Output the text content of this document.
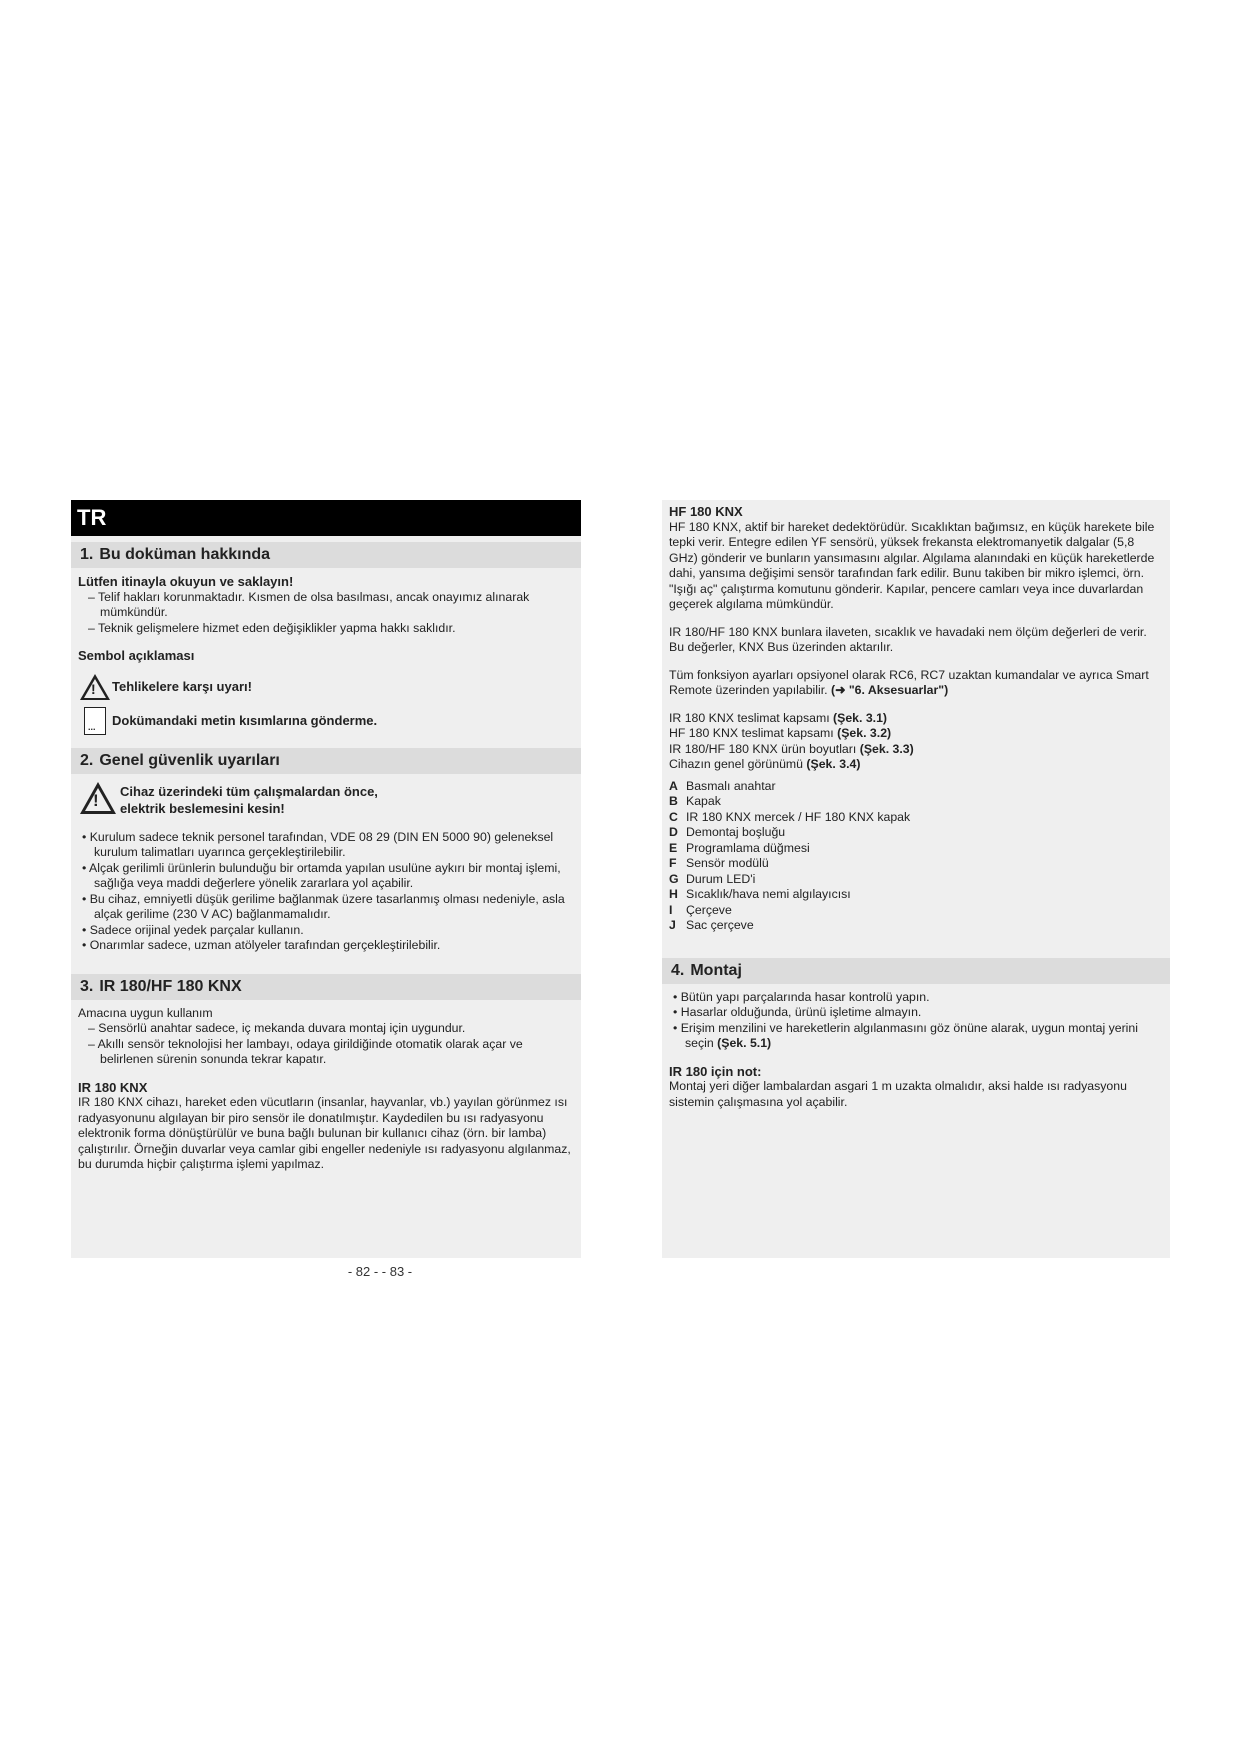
TR
1. Bu doküman hakkında
Lütfen itinayla okuyun ve saklayın!
– Telif hakları korunmaktadır. Kısmen de olsa basılması, ancak onayımız alınarak mümkündür.
– Teknik gelişmelere hizmet eden değişiklikler yapma hakkı saklıdır.
Sembol açıklaması
! Tehlikelere karşı uyarı!
... Dokümandaki metin kısımlarına gönderme.
2. Genel güvenlik uyarıları
! Cihaz üzerindeki tüm çalışmalardan önce,
elektrik beslemesini kesin!
• Kurulum sadece teknik personel tarafından, VDE 08 29 (DIN EN 5000 90) geleneksel kurulum talimatları uyarınca gerçekleştirilebilir.
• Alçak gerilimli ürünlerin bulunduğu bir ortamda yapılan usulüne aykırı bir montaj işlemi, sağlığa veya maddi değerlere yönelik zararlara yol açabilir.
• Bu cihaz, emniyetli düşük gerilime bağlanmak üzere tasarlanmış olması nedeniyle, asla alçak gerilime (230 V AC) bağlanmamalıdır.
• Sadece orijinal yedek parçalar kullanın.
• Onarımlar sadece, uzman atölyeler tarafından gerçekleştirilebilir.
3. IR 180/HF 180 KNX
Amacına uygun kullanım
– Sensörlü anahtar sadece, iç mekanda duvara montaj için uygundur.
– Akıllı sensör teknolojisi her lambayı, odaya girildiğinde otomatik olarak açar ve belirlenen sürenin sonunda tekrar kapatır.
IR 180 KNX
IR 180 KNX cihazı, hareket eden vücutların (insanlar, hayvanlar, vb.) yayılan görünmez ısı radyasyonunu algılayan bir piro sensör ile donatılmıştır. Kaydedilen bu ısı radyasyonu elektronik forma dönüştürülür ve buna bağlı bulunan bir kullanıcı cihaz (örn. bir lamba) çalıştırılır. Örneğin duvarlar veya camlar gibi engeller nedeniyle ısı radyasyonu algılanmaz, bu durumda hiçbir çalıştırma işlemi yapılmaz.
HF 180 KNX
HF 180 KNX, aktif bir hareket dedektörüdür. Sıcaklıktan bağımsız, en küçük harekete bile tepki verir. Entegre edilen YF sensörü, yüksek frekansta elektromanyetik dalgalar (5,8 GHz) gönderir ve bunların yansımasını algılar. Algılama alanındaki en küçük hareketlerde dahi, yansıma değişimi sensör tarafından fark edilir. Bunu takiben bir mikro işlemci, örn. "Işığı aç" çalıştırma komutunu gönderir. Kapılar, pencere camları veya ince duvarlardan geçerek algılama mümkündür.
IR 180/HF 180 KNX bunlara ilaveten, sıcaklık ve havadaki nem ölçüm değerleri de verir. Bu değerler, KNX Bus üzerinden aktarılır.
Tüm fonksiyon ayarları opsiyonel olarak RC6, RC7 uzaktan kumandalar ve ayrıca Smart Remote üzerinden yapılabilir. (➜ "6. Aksesuarlar")
IR 180 KNX teslimat kapsamı (Şek. 3.1)
HF 180 KNX teslimat kapsamı (Şek. 3.2)
IR 180/HF 180 KNX ürün boyutları (Şek. 3.3)
Cihazın genel görünümü (Şek. 3.4)
A Basmalı anahtar
B Kapak
C IR 180 KNX mercek / HF 180 KNX kapak
D Demontaj boşluğu
E Programlama düğmesi
F Sensör modülü
G Durum LED'i
H Sıcaklık/hava nemi algılayıcısı
I	Çerçeve
J Sac çerçeve
4. Montaj
• Bütün yapı parçalarında hasar kontrolü yapın.
• Hasarlar olduğunda, ürünü işletime almayın.
• Erişim menzilini ve hareketlerin algılanmasını göz önüne alarak, uygun montaj yerini seçin (Şek. 5.1)
IR 180 için not:
Montaj yeri diğer lambalardan asgari 1 m uzakta olmalıdır, aksi halde ısı radyasyonu sistemin çalışmasına yol açabilir.
- 82 - - 83 -
